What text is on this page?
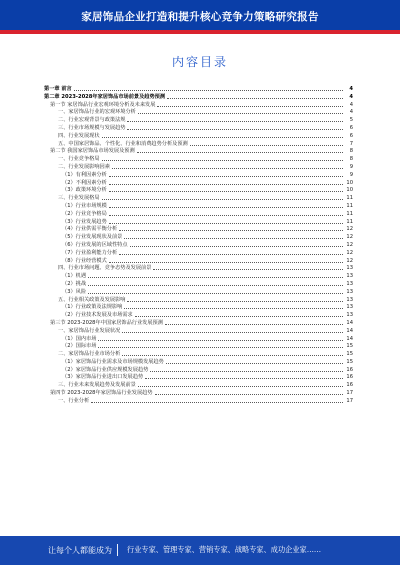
家居饰品企业打造和提升核心竞争力策略研究报告
内容目录
第一章 前言	4
第二章 2023-2028年家居饰品市场前景及趋势预测	4
第一节 家居饰品行业宏观环境分析及未来发展	4
一、家居饰品行业的宏观环境分析	4
二、行业宏观背景与政策法规	5
三、行业市场规模与发展趋势	6
四、行业发展现状	6
五、中国家居饰品、个性化、行业和消费趋势分析及预测	7
第二节 我国家居饰品市场发展及预测	8
一、行业竞争格局	8
二、行业发展影响因素	9
（1）有利因素分析	9
（2）不利因素分析	10
（3）政策环境分析	10
三、行业发展格局	11
（1）行业市场规模	11
（2）行业竞争格局	11
（3）行业发展趋势	11
（4）行业供需平衡分析	12
（5）行业发展现状及前景	12
（6）行业发展的区域性特点	12
（7）行业盈利能力分析	12
（8）行业经营模式	12
四、行业市场问题、竞争态势及发展前景	13
（1）机遇	13
（2）挑战	13
（3）风险	13
五、行业相关政策及发展影响	13
（1）行业政策及法规影响	13
（2）行业技术发展及市场需求	13
第三节 2023-2028年中国家居饰品行业发展预测	14
一、家居饰品行业发展状况	14
（1）国内市场	14
（2）国际市场	15
二、家居饰品行业市场分析	15
（1）家居饰品行业需求及市场规模发展趋势	15
（2）家居饰品行业供应规模发展趋势	16
（3）家居饰品行业进出口发展趋势	16
三、行业未来发展趋势及发展前景	16
第四节 2023-2028年家居饰品行业发展趋势	17
一、行业分析	17
让每个人都能成为 行业专家、管理专家、营销专家、战略专家、成功企业家……
